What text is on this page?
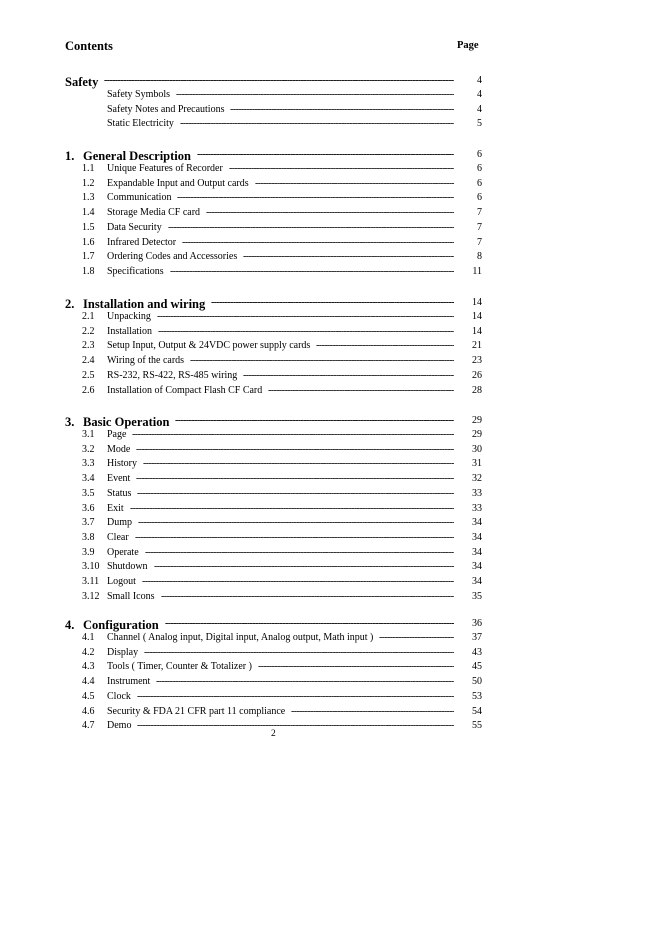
Contents	Page
Safety -----	4
Safety Symbols -----	4
Safety Notes and Precautions -----	4
Static Electricity -----	5
1. General Description -----	6
1.1 Unique Features of Recorder -----	6
1.2 Expandable Input and Output cards -----	6
1.3 Communication -----	6
1.4 Storage Media CF card -----	7
1.5 Data Security -----	7
1.6 Infrared Detector -----	7
1.7 Ordering Codes and Accessories -----	8
1.8 Specifications -----	11
2. Installation and wiring -----	14
2.1 Unpacking -----	14
2.2 Installation -----	14
2.3 Setup Input, Output & 24VDC power supply cards -----	21
2.4 Wiring of the cards -----	23
2.5 RS-232, RS-422, RS-485 wiring -----	26
2.6 Installation of Compact Flash CF Card -----	28
3. Basic Operation -----	29
3.1 Page -----	29
3.2 Mode -----	30
3.3 History -----	31
3.4 Event -----	32
3.5 Status -----	33
3.6 Exit -----	33
3.7 Dump -----	34
3.8 Clear -----	34
3.9 Operate -----	34
3.10 Shutdown -----	34
3.11 Logout -----	34
3.12 Small Icons -----	35
4. Configuration -----	36
4.1 Channel ( Analog input, Digital input, Analog output, Math input ) -----	37
4.2 Display -----	43
4.3 Tools ( Timer, Counter & Totalizer ) -----	45
4.4 Instrument -----	50
4.5 Clock -----	53
4.6 Security & FDA 21 CFR part 11 compliance -----	54
4.7 Demo -----	55
2
